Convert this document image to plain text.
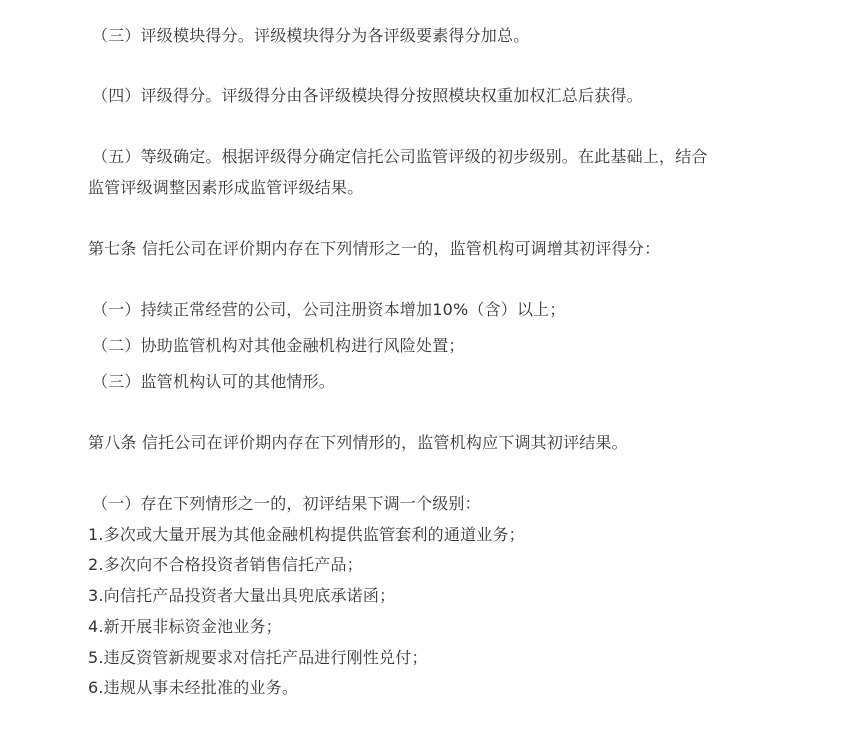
（三）评级模块得分。评级模块得分为各评级要素得分加总。
（四）评级得分。评级得分由各评级模块得分按照模块权重加权汇总后获得。
（五）等级确定。根据评级得分确定信托公司监管评级的初步级别。在此基础上，结合
监管评级调整因素形成监管评级结果。
第七条 信托公司在评价期内存在下列情形之一的，监管机构可调增其初评得分：
（一）持续正常经营的公司，公司注册资本增加10%（含）以上；
（二）协助监管机构对其他金融机构进行风险处置；
（三）监管机构认可的其他情形。
第八条 信托公司在评价期内存在下列情形的，监管机构应下调其初评结果。
（一）存在下列情形之一的，初评结果下调一个级别：
1.多次或大量开展为其他金融机构提供监管套利的通道业务；
2.多次向不合格投资者销售信托产品；
3.向信托产品投资者大量出具兜底承诺函；
4.新开展非标资金池业务；
5.违反资管新规要求对信托产品进行刚性兑付；
6.违规从事未经批准的业务。
